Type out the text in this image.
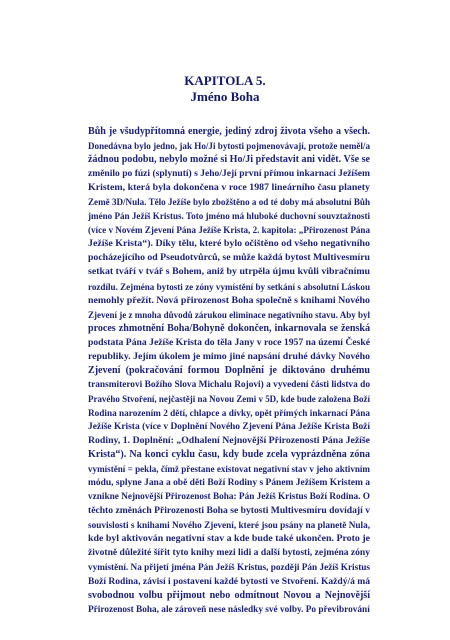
KAPITOLA 5.
Jméno Boha
Bůh je všudypřítomná energie, jediný zdroj života všeho a všech.
Donedávna bylo jedno, jak Ho/Ji bytosti pojmenovávají, protože neměl/a
žádnou podobu, nebylo možné si Ho/Ji představit ani vidět. Vše se
změnilo po fúzi (splynutí) s Jeho/Její první přímou inkarnací Ježíšem
Kristem, která byla dokončena v roce 1987 lineárního času planety
Země 3D/Nula. Tělo Ježíše bylo zbožštěno a od té doby má absolutní Bůh
jméno Pán Ježíš Kristus. Toto jméno má hluboké duchovní souvztažnosti
(více v Novém Zjevení Pána Ježíše Krista, 2. kapitola: „Přirozenost Pána
Ježíše Krista“). Díky tělu, které bylo očištěno od všeho negativního
pocházejícího od Pseudotvůrců, se může každá bytost Multivesmíru
setkat tváří v tvář s Bohem, aniž by utrpěla újmu kvůli vibračnímu
rozdílu. Zejména bytosti ze zóny vymístění by setkání s absolutní Láskou
nemohly přežít. Nová přirozenost Boha společně s knihami Nového
Zjevení je z mnoha důvodů zárukou eliminace negativního stavu. Aby byl
proces zhmotnění Boha/Bohyně dokončen, inkarnovala se ženská
podstata Pána Ježíše Krista do těla Jany v roce 1957 na území České
republiky. Jejím úkolem je mimo jiné napsání druhé dávky Nového
Zjevení (pokračování formou Doplnění je diktováno druhému
transmiterovi Božího Slova Michalu Rojovi) a vyvedení části lidstva do
Pravého Stvoření, nejčastěji na Novou Zemi v 5D, kde bude založena Boží
Rodina narozením 2 dětí, chlapce a dívky, opět přímých inkarnací Pána
Ježíše Krista (více v Doplnění Nového Zjevení Pána Ježíše Krista Boží
Rodiny, 1. Doplnění: „Odhalení Nejnovější Přirozenosti Pána Ježíše
Krista“). Na konci cyklu času, kdy bude zcela vyprázdněna zóna
vymístění = pekla, čímž přestane existovat negativní stav v jeho aktivním
módu, splyne Jana a obě děti Boží Rodiny s Pánem Ježíšem Kristem a
vznikne Nejnovější Přirozenost Boha: Pán Ježíš Kristus Boží Rodina. O
těchto změnách Přirozenosti Boha se bytosti Multivesmíru dovídají v
souvislosti s knihami Nového Zjevení, které jsou psány na planetě Nula,
kde byl aktivován negativní stav a kde bude také ukončen. Proto je
životně důležité šířit tyto knihy mezi lidi a další bytosti, zejména zóny
vymístění. Na přijetí jména Pán Ježíš Kristus, později Pán Ježíš Kristus
Boží Rodina, závisí i postavení každé bytosti ve Stvoření. Každý/á má
svobodnou volbu přijmout nebo odmítnout Novou a Nejnovější
Přirozenost Boha, ale zároveň nese následky své volby. Po převibrování
